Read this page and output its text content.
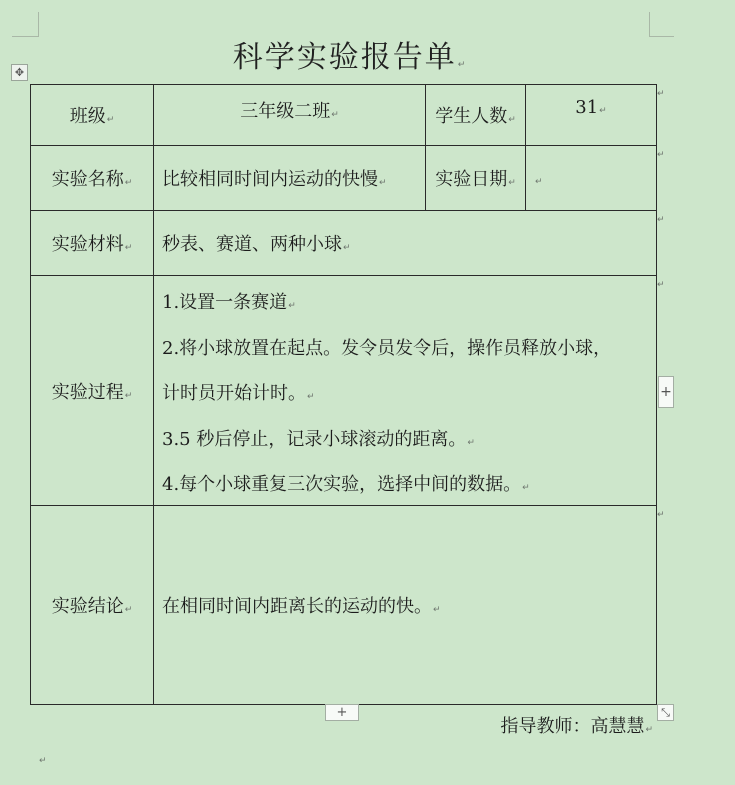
科学实验报告单↵
✥
班级↵	三年级二班↵	学生人数↵	31↵
实验名称↵	比较相同时间内运动的快慢↵	实验日期↵	↵
实验材料↵	秒表、赛道、两种小球↵		
实验过程↵	1.设置一条赛道↵
2.将小球放置在起点。发令员发令后，操作员释放小球，
计时员开始计时。↵
3.5 秒后停止，记录小球滚动的距离。↵
4.每个小球重复三次实验，选择中间的数据。↵		

实验结论↵	在相同时间内距离长的运动的快。↵		
↵
↵
↵
↵
↵
+
+	⤡
指导教师：高慧慧↵
↵
